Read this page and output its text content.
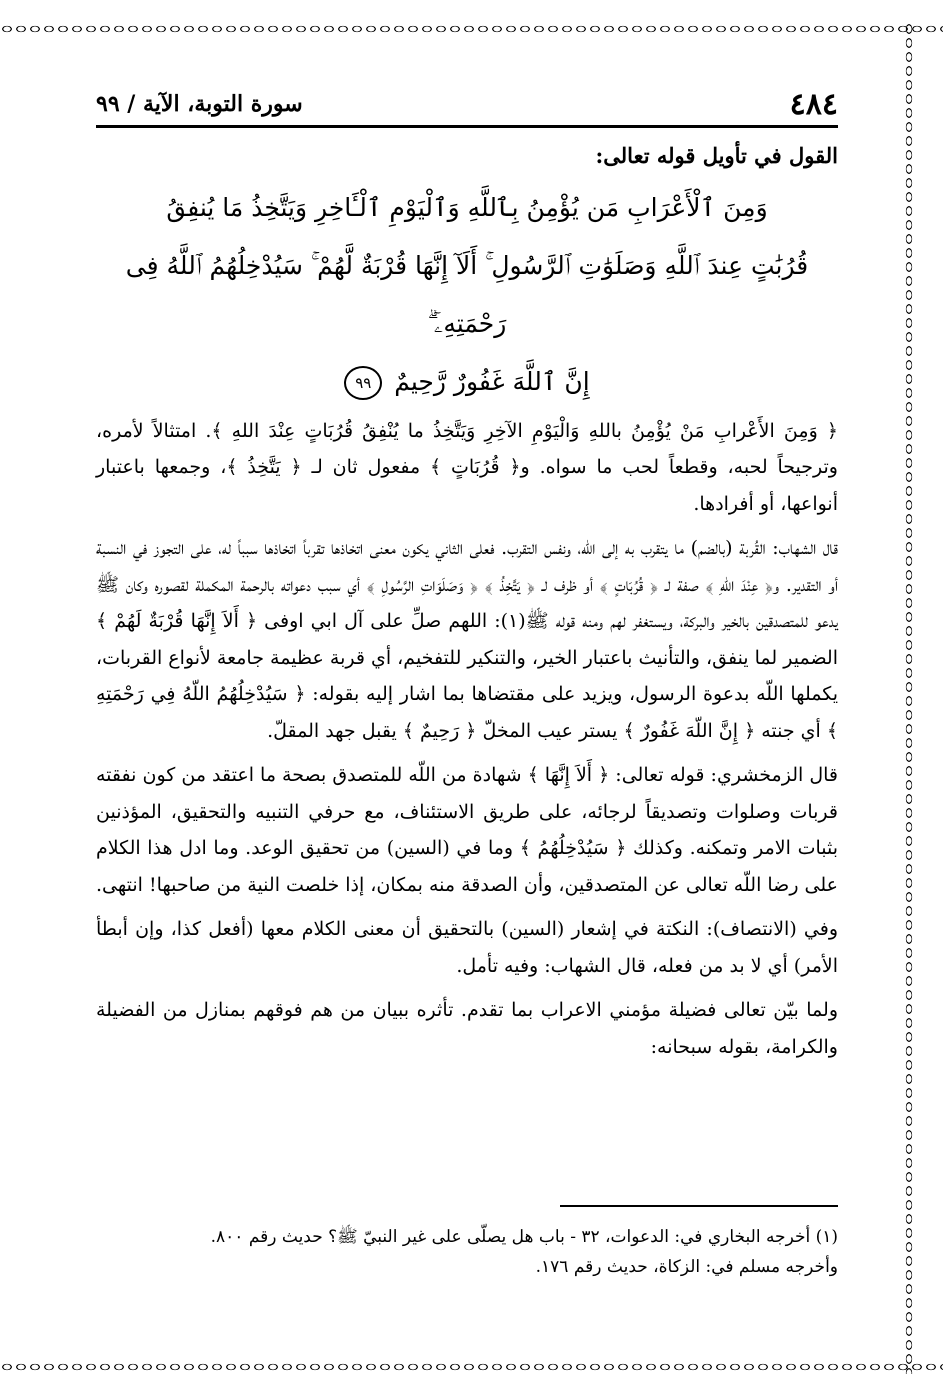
٤٨٤
سورة التوبة، الآية / ٩٩
القول في تأويل قوله تعالى:
وَمِنَ ٱلْأَعْرَابِ مَن يُؤْمِنُ بِٱللَّهِ وَٱلْيَوْمِ ٱلْـَٔاخِرِ وَيَتَّخِذُ مَا يُنفِقُ
قُرُبَٰتٍ عِندَ ٱللَّهِ وَصَلَوَٰتِ ٱلرَّسُولِ ۚ أَلَآ إِنَّهَا قُرْبَةٌ لَّهُمْ ۚ سَيُدْخِلُهُمُ ٱللَّهُ فِى رَحْمَتِهِۦٓ ۗ
إِنَّ ٱللَّهَ غَفُورٌ رَّحِيمٌ ٩٩

﴿ وَمِنَ الأَعْرابِ مَنْ يُؤْمِنُ باللهِ وَالْيَوْمِ الآخِرِ وَيَتَّخِذُ ما يُنْفِقُ قُرُبَاتٍ عِنْدَ اللهِ ﴾. امتثالاً لأمره، وترجيحاً لحبه، وقطعاً لحب ما سواه. و﴿ قُرُبَاتٍ ﴾ مفعول ثان لـ ﴿ يَتَّخِذُ ﴾، وجمعها باعتبار أنواعها، أو أفرادها.

قال الشهاب: القُربة (بالضم) ما يتقرب به إلى اللّه، ونفس التقرب. فعلى الثاني يكون معنى اتخاذها تقرباً اتخاذها سبباً له، على التجوز في النسبة أو التقدير. و﴿ عِنْدَ اللّهِ ﴾ صفة لـ ﴿ قُرُبَاتٍ ﴾ أو ظرف لـ ﴿ يَتَّخِذُ ﴾ ﴿ وَصَلَوَاتِ الرَّسُولِ ﴾ أي سبب دعواته بالرحمة المكملة لقصوره وكان ﷺ يدعو للمتصدقين بالخير والبركة، ويستغفر لهم ومنه قوله ﷺ(١): اللهم صلِّ على آل ابي اوفى ﴿ أَلاَ إِنَّهَا قُرْبَةٌ لَهُمْ ﴾ الضمير لما ينفق، والتأنيث باعتبار الخير، والتنكير للتفخيم، أي قربة عظيمة جامعة لأنواع القربات، يكملها اللّه بدعوة الرسول، ويزيد على مقتضاها بما اشار إليه بقوله: ﴿ سَيُدْخِلُهُمُ اللّهُ فِي رَحْمَتِهِ ﴾ أي جنته ﴿ إِنَّ اللّهَ غَفُورٌ ﴾ يستر عيب المخلّ ﴿ رَحِيمٌ ﴾ يقبل جهد المقلّ.

قال الزمخشري: قوله تعالى: ﴿ أَلاَ إِنَّهَا ﴾ شهادة من اللّه للمتصدق بصحة ما اعتقد من كون نفقته قربات وصلوات وتصديقاً لرجائه، على طريق الاستئناف، مع حرفي التنبيه والتحقيق، المؤذنين بثبات الامر وتمكنه. وكذلك ﴿ سَيُدْخِلُهُمُ ﴾ وما في (السين) من تحقيق الوعد. وما ادل هذا الكلام على رضا اللّه تعالى عن المتصدقين، وأن الصدقة منه بمكان، إذا خلصت النية من صاحبها! انتهى.

وفي (الانتصاف): النكتة في إشعار (السين) بالتحقيق أن معنى الكلام معها (أفعل كذا، وإن أبطأ الأمر) أي لا بد من فعله، قال الشهاب: وفيه تأمل.

ولما بيّن تعالى فضيلة مؤمني الاعراب بما تقدم. تأثره ببيان من هم فوقهم بمنازل من الفضيلة والكرامة، بقوله سبحانه:

(١) أخرجه البخاري في: الدعوات، ٣٢ - باب هل يصلّى على غير النبيّ ﷺ؟ حديث رقم ٨٠٠.

وأخرجه مسلم في: الزكاة، حديث رقم ١٧٦.
